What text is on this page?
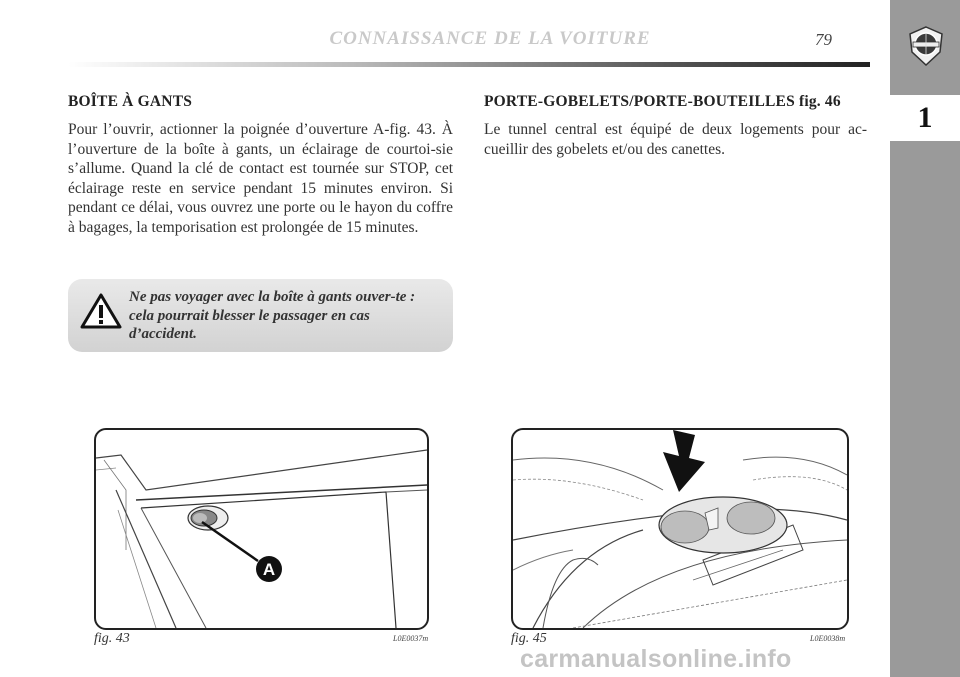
CONNAISSANCE DE LA VOITURE	79
1
BOÎTE À GANTS
Pour l’ouvrir, actionner la poignée d’ouverture A-fig. 43. À l’ouverture de la boîte à gants, un éclairage de courtoi-sie s’allume. Quand la clé de contact est tournée sur STOP, cet éclairage reste en service pendant 15 minutes environ. Si pendant ce délai, vous ouvrez une porte ou le hayon du coffre à bagages, la temporisation est prolongée de 15 minutes.
Ne pas voyager avec la boîte à gants ouver-te : cela pourrait blesser le passager en cas d’accident.
PORTE-GOBELETS/PORTE-BOUTEILLES fig. 46
Le tunnel central est équipé de deux logements pour ac-cueillir des gobelets et/ou des canettes.
A
fig. 43	L0E0037m	fig. 45	L0E0038m
carmanualsonline.info
